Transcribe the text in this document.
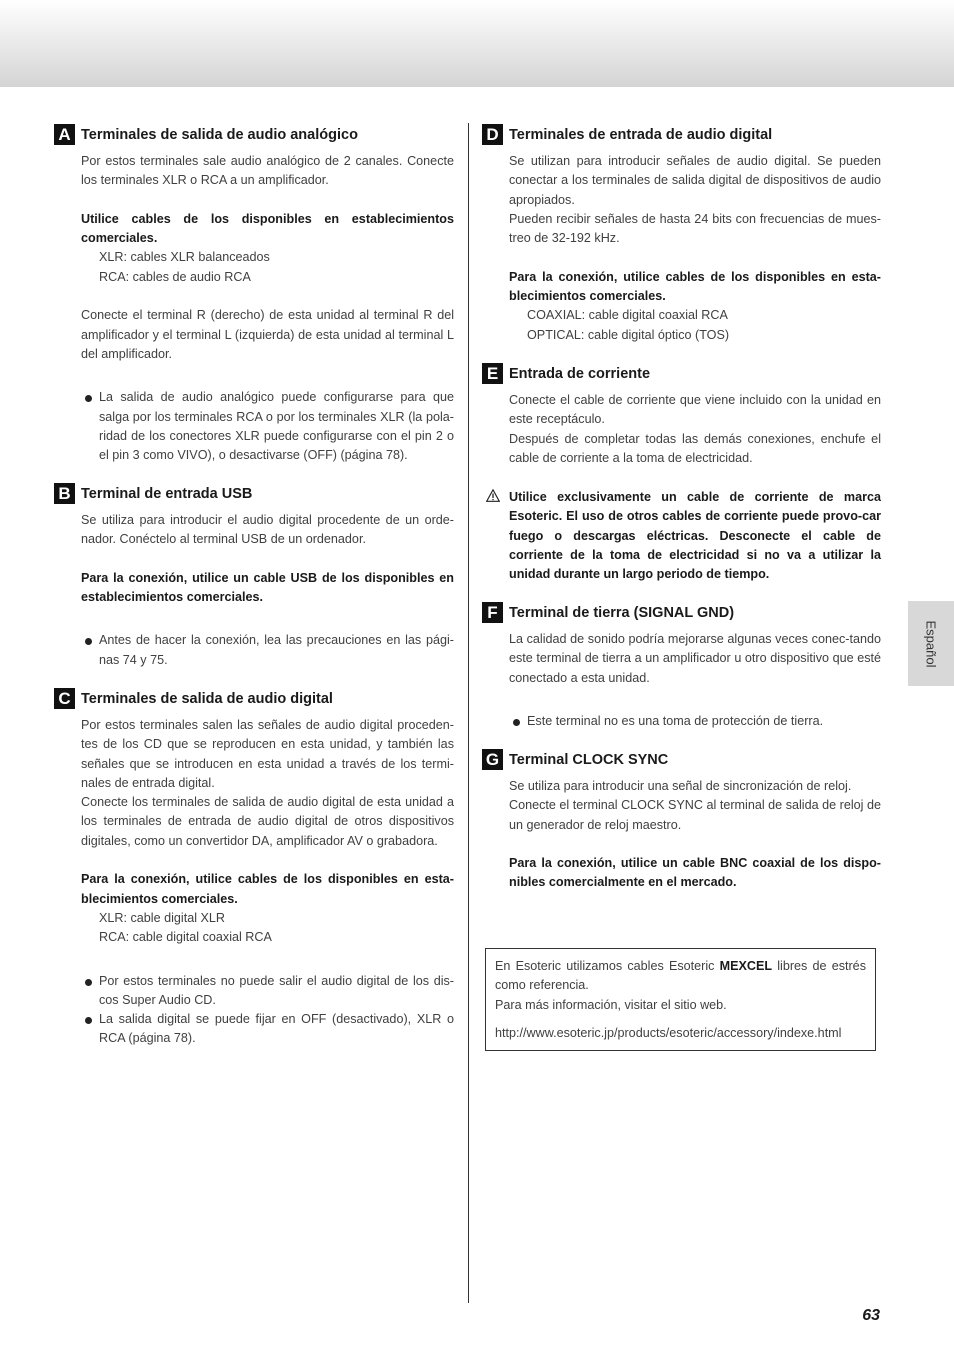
A Terminales de salida de audio analógico

Por estos terminales sale audio analógico de 2 canales. Conecte los terminales XLR o RCA a un amplificador.

Utilice cables de los disponibles en establecimientos comerciales.

XLR: cables XLR balanceados

RCA: cables de audio RCA

Conecte el terminal R (derecho) de esta unidad al terminal R del amplificador y el terminal L (izquierda) de esta unidad al terminal L del amplificador.

La salida de audio analógico puede configurarse para que salga por los terminales RCA o por los terminales XLR (la pola-ridad de los conectores XLR puede configurarse con el pin 2 o el pin 3 como VIVO), o desactivarse (OFF) (página 78).
B Terminal de entrada USB

Se utiliza para introducir el audio digital procedente de un orde-nador. Conéctelo al terminal USB de un ordenador.

Para la conexión, utilice un cable USB de los disponibles en establecimientos comerciales.

Antes de hacer la conexión, lea las precauciones en las pági-nas 74 y 75.
C Terminales de salida de audio digital

Por estos terminales salen las señales de audio digital proceden-tes de los CD que se reproducen en esta unidad, y también las señales que se introducen en esta unidad a través de los termi-nales de entrada digital.

Conecte los terminales de salida de audio digital de esta unidad a los terminales de entrada de audio digital de otros dispositivos digitales, como un convertidor DA, amplificador AV o grabadora.

Para la conexión, utilice cables de los disponibles en esta-blecimientos comerciales.

XLR: cable digital XLR

RCA: cable digital coaxial RCA

Por estos terminales no puede salir el audio digital de los dis-cos Super Audio CD.
La salida digital se puede fijar en OFF (desactivado), XLR o RCA (página 78).
D Terminales de entrada de audio digital

Se utilizan para introducir señales de audio digital. Se pueden conectar a los terminales de salida digital de dispositivos de audio apropiados.

Pueden recibir señales de hasta 24 bits con frecuencias de mues-treo de 32-192 kHz.

Para la conexión, utilice cables de los disponibles en esta-blecimientos comerciales.

COAXIAL: cable digital coaxial RCA

OPTICAL: cable digital óptico (TOS)

E Entrada de corriente

Conecte el cable de corriente que viene incluido con la unidad en este receptáculo.

Después de completar todas las demás conexiones, enchufe el cable de corriente a la toma de electricidad.

Utilice exclusivamente un cable de corriente de marca Esoteric. El uso de otros cables de corriente puede provo-car fuego o descargas eléctricas. Desconecte el cable de corriente de la toma de electricidad si no va a utilizar la unidad durante un largo periodo de tiempo.
F Terminal de tierra (SIGNAL GND)

La calidad de sonido podría mejorarse algunas veces conec-tando este terminal de tierra a un amplificador u otro dispositivo que esté conectado a esta unidad.

Este terminal no es una toma de protección de tierra.
G Terminal CLOCK SYNC

Se utiliza para introducir una señal de sincronización de reloj.

Conecte el terminal CLOCK SYNC al terminal de salida de reloj de un generador de reloj maestro.

Para la conexión, utilice un cable BNC coaxial de los dispo-nibles comercialmente en el mercado.

En Esoteric utilizamos cables Esoteric MEXCEL libres de estrés como referencia.

Para más información, visitar el sitio web.

http://www.esoteric.jp/products/esoteric/accessory/indexe.html

Español
63
